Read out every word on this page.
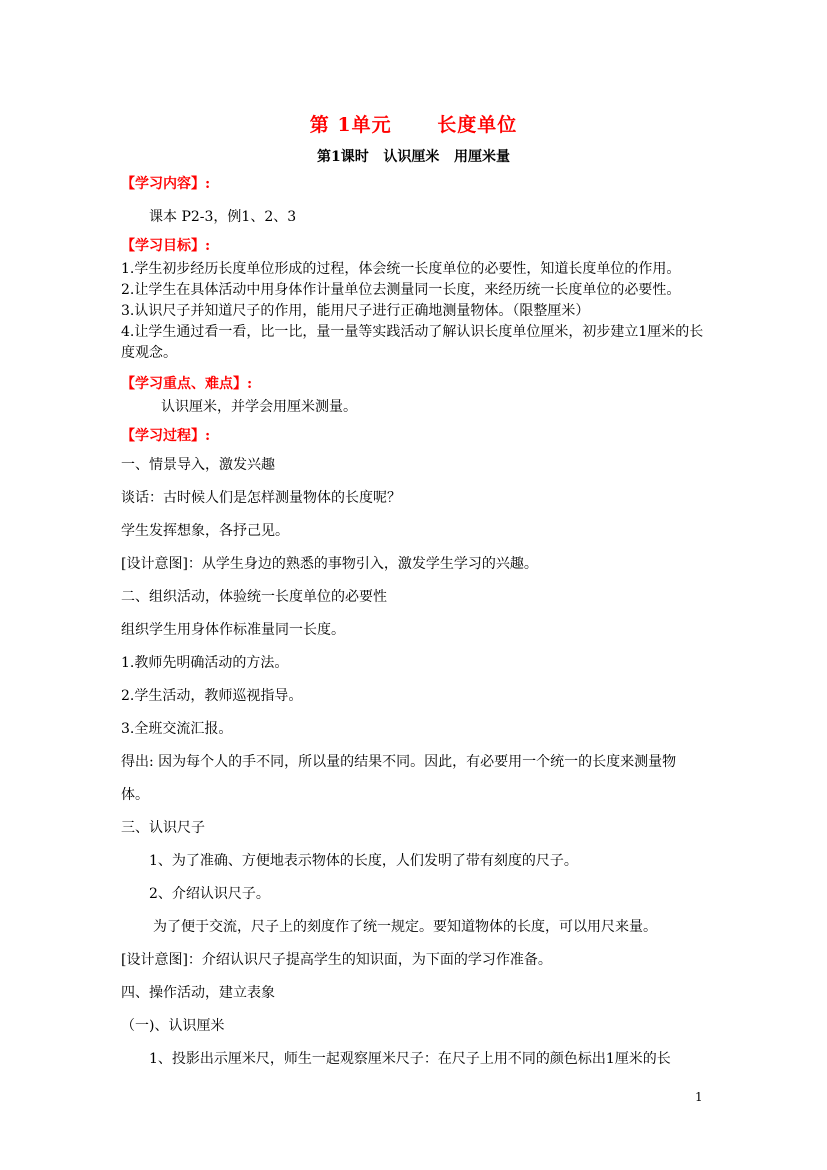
第 1单元      长度单位
第1课时   认识厘米   用厘米量

【学习内容】:

课本 P2-3，例1、2、3

【学习目标】:

1.学生初步经历长度单位形成的过程，体会统一长度单位的必要性，知道长度单位的作用。

2.让学生在具体活动中用身体作计量单位去测量同一长度，来经历统一长度单位的必要性。

3.认识尺子并知道尺子的作用，能用尺子进行正确地测量物体。（限整厘米）

4.让学生通过看一看，比一比，量一量等实践活动了解认识长度单位厘米，初步建立1厘米的长度观念。

【学习重点、难点】:

认识厘米，并学会用厘米测量。

【学习过程】:

一、情景导入，激发兴趣

谈话：古时候人们是怎样测量物体的长度呢？

学生发挥想象，各抒己见。

[设计意图]：从学生身边的熟悉的事物引入，激发学生学习的兴趣。

二、组织活动，体验统一长度单位的必要性

组织学生用身体作标准量同一长度。

1.教师先明确活动的方法。

2.学生活动，教师巡视指导。

3.全班交流汇报。

得出: 因为每个人的手不同，所以量的结果不同。因此，有必要用一个统一的长度来测量物

体。

三、认识尺子

1、为了准确、方便地表示物体的长度，人们发明了带有刻度的尺子。

2、介绍认识尺子。

为了便于交流，尺子上的刻度作了统一规定。要知道物体的长度，可以用尺来量。

[设计意图]：介绍认识尺子提高学生的知识面，为下面的学习作准备。

四、操作活动，建立表象

（一)、认识厘米

1、投影出示厘米尺，师生一起观察厘米尺子：在尺子上用不同的颜色标出1厘米的长

1
